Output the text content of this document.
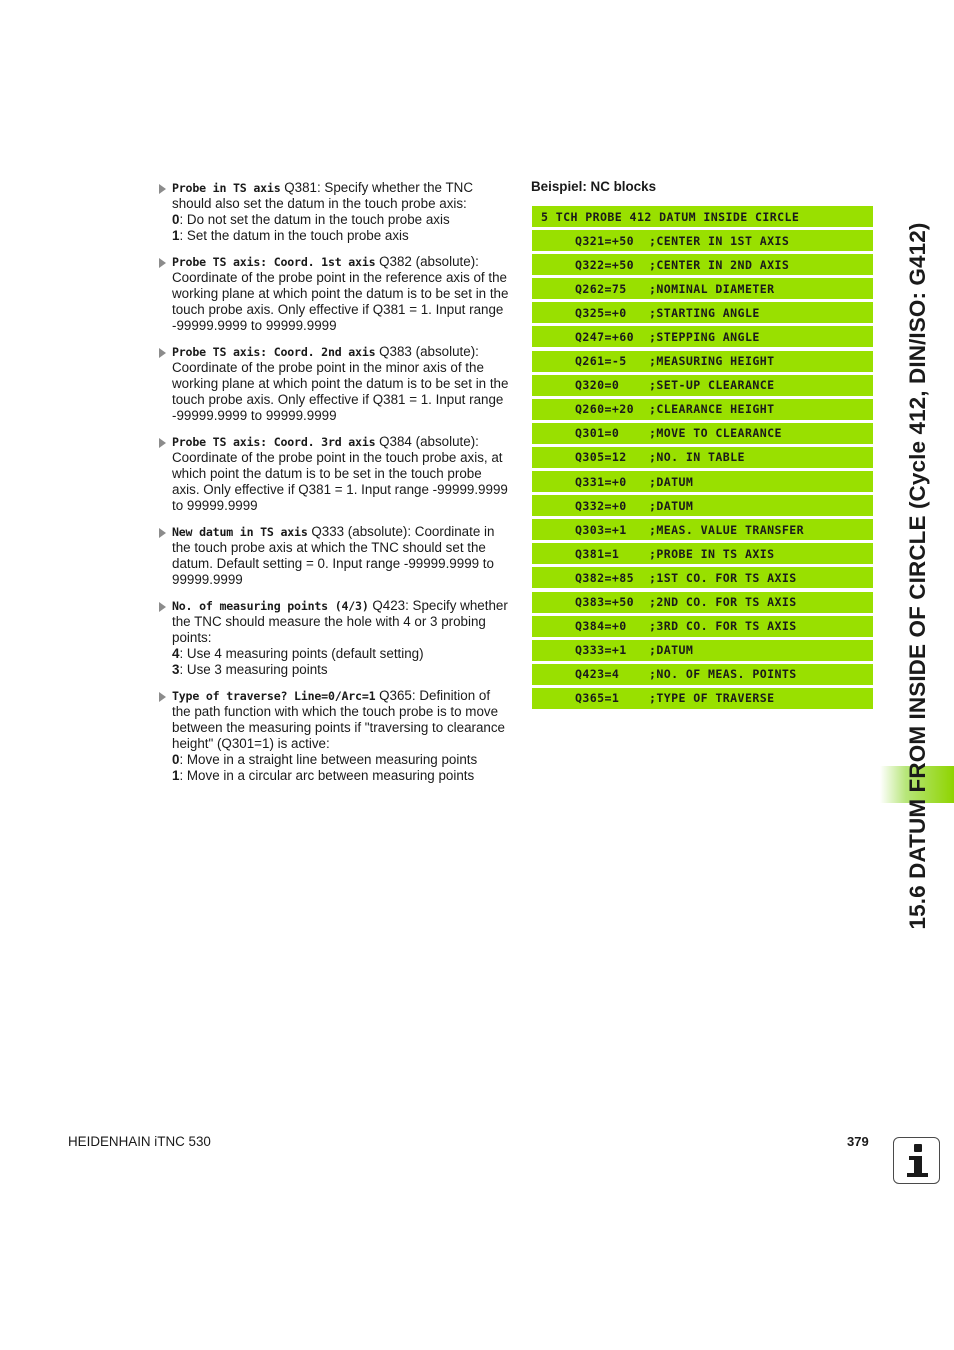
Probe in TS axis Q381: Specify whether the TNC should also set the datum in the touch probe axis:
0: Do not set the datum in the touch probe axis
1: Set the datum in the touch probe axis
Probe TS axis: Coord. 1st axis Q382 (absolute): Coordinate of the probe point in the reference axis of the working plane at which point the datum is to be set in the touch probe axis. Only effective if Q381 = 1. Input range -99999.9999 to 99999.9999
Probe TS axis: Coord. 2nd axis Q383 (absolute): Coordinate of the probe point in the minor axis of the working plane at which point the datum is to be set in the touch probe axis. Only effective if Q381 = 1. Input range -99999.9999 to 99999.9999
Probe TS axis: Coord. 3rd axis Q384 (absolute): Coordinate of the probe point in the touch probe axis, at which point the datum is to be set in the touch probe axis. Only effective if Q381 = 1. Input range -99999.9999 to 99999.9999
New datum in TS axis Q333 (absolute): Coordinate in the touch probe axis at which the TNC should set the datum. Default setting = 0. Input range -99999.9999 to 99999.9999
No. of measuring points (4/3) Q423: Specify whether the TNC should measure the hole with 4 or 3 probing points:
4: Use 4 measuring points (default setting)
3: Use 3 measuring points
Type of traverse? Line=0/Arc=1 Q365: Definition of the path function with which the touch probe is to move between the measuring points if "traversing to clearance height" (Q301=1) is active:
0: Move in a straight line between measuring points
1: Move in a circular arc between measuring points
Beispiel: NC blocks
5 TCH PROBE 412 DATUM INSIDE CIRCLE
Q321=+50	;CENTER IN 1ST AXIS
Q322=+50	;CENTER IN 2ND AXIS
Q262=75	;NOMINAL DIAMETER
Q325=+0	;STARTING ANGLE
Q247=+60	;STEPPING ANGLE
Q261=-5	;MEASURING HEIGHT
Q320=0	;SET-UP CLEARANCE
Q260=+20	;CLEARANCE HEIGHT
Q301=0	;MOVE TO CLEARANCE
Q305=12	;NO. IN TABLE
Q331=+0	;DATUM
Q332=+0	;DATUM
Q303=+1	;MEAS. VALUE TRANSFER
Q381=1	;PROBE IN TS AXIS
Q382=+85	;1ST CO. FOR TS AXIS
Q383=+50	;2ND CO. FOR TS AXIS
Q384=+0	;3RD CO. FOR TS AXIS
Q333=+1	;DATUM
Q423=4	;NO. OF MEAS. POINTS
Q365=1	;TYPE OF TRAVERSE	15.6 DATUM FROM INSIDE OF CIRCLE (Cycle 412, DIN/ISO: G412)
HEIDENHAIN iTNC 530	379
